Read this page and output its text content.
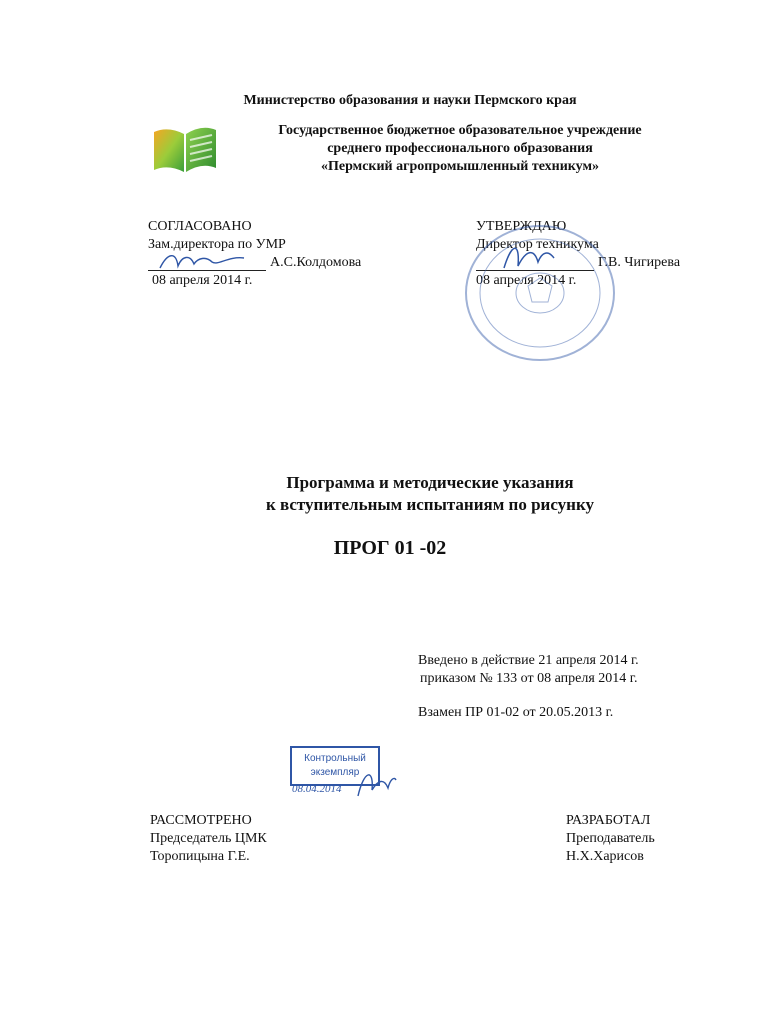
Министерство образования и науки Пермского края
Государственное бюджетное образовательное учреждение
среднего профессионального образования
«Пермский агропромышленный техникум»
СОГЛАСОВАНО
Зам.директора по УМР
А.С.Колдомова
08 апреля 2014 г.
УТВЕРЖДАЮ
Директор техникума
Г.В. Чигирева
08 апреля 2014 г.
Программа и методические указания
к вступительным испытаниям по рисунку
ПРОГ 01 -02
Введено в действие 21 апреля 2014 г.
приказом № 133 от 08 апреля 2014 г.
Взамен ПР 01-02 от 20.05.2013 г.
Контрольный
экземпляр
08.04.2014
РАССМОТРЕНО
Председатель ЦМК
Торопицына Г.Е.
РАЗРАБОТАЛ
Преподаватель
Н.Х.Харисов
